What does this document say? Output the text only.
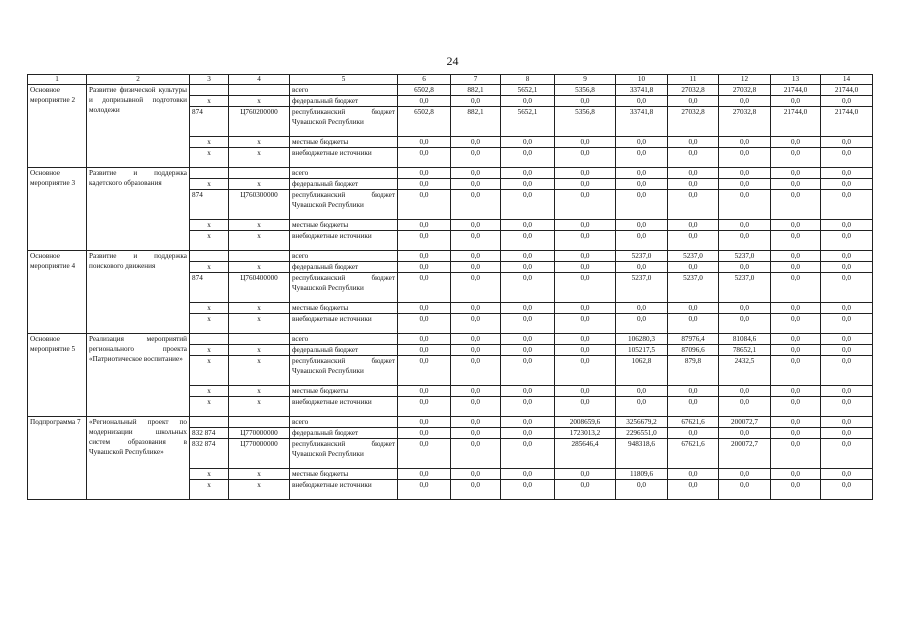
24
1	2	3	4	5	6	7	8	9	10	11	12	13	14
Основное мероприятие 2	Развитие физической культуры и допризывной подготовки молодежи			всего	6502,8	882,1	5652,1	5356,8	33741,8	27032,8	27032,8	21744,0	21744,0
		х	х	федеральный бюджет	0,0	0,0	0,0	0,0	0,0	0,0	0,0	0,0	0,0
		874	Ц760200000	республиканский бюджет Чувашской Республики	6502,8	882,1	5652,1	5356,8	33741,8	27032,8	27032,8	21744,0	21744,0
		х	х	местные бюджеты	0,0	0,0	0,0	0,0	0,0	0,0	0,0	0,0	0,0
		х	х	внебюджетные источники	0,0	0,0	0,0	0,0	0,0	0,0	0,0	0,0	0,0
Основное мероприятие 3	Развитие и поддержка кадетского образования			всего	0,0	0,0	0,0	0,0	0,0	0,0	0,0	0,0	0,0
		х	х	федеральный бюджет	0,0	0,0	0,0	0,0	0,0	0,0	0,0	0,0	0,0
		874	Ц760300000	республиканский бюджет Чувашской Республики	0,0	0,0	0,0	0,0	0,0	0,0	0,0	0,0	0,0
		х	х	местные бюджеты	0,0	0,0	0,0	0,0	0,0	0,0	0,0	0,0	0,0
		х	х	внебюджетные источники	0,0	0,0	0,0	0,0	0,0	0,0	0,0	0,0	0,0
Основное мероприятие 4	Развитие и поддержка поискового движения			всего	0,0	0,0	0,0	0,0	5237,0	5237,0	5237,0	0,0	0,0
		х	х	федеральный бюджет	0,0	0,0	0,0	0,0	0,0	0,0	0,0	0,0	0,0
		874	Ц760400000	республиканский бюджет Чувашской Республики	0,0	0,0	0,0	0,0	5237,0	5237,0	5237,0	0,0	0,0
		х	х	местные бюджеты	0,0	0,0	0,0	0,0	0,0	0,0	0,0	0,0	0,0
		х	х	внебюджетные источники	0,0	0,0	0,0	0,0	0,0	0,0	0,0	0,0	0,0
Основное мероприятие 5	Реализация мероприятий регионального проекта «Патриотическое воспитание»			всего	0,0	0,0	0,0	0,0	106280,3	87976,4	81084,6	0,0	0,0
		х	х	федеральный бюджет	0,0	0,0	0,0	0,0	105217,5	87096,6	78652,1	0,0	0,0
		х	х	республиканский бюджет Чувашской Республики	0,0	0,0	0,0	0,0	1062,8	879,8	2432,5	0,0	0,0
		х	х	местные бюджеты	0,0	0,0	0,0	0,0	0,0	0,0	0,0	0,0	0,0
		х	х	внебюджетные источники	0,0	0,0	0,0	0,0	0,0	0,0	0,0	0,0	0,0
Подпрограмма 7	«Региональный проект по модернизации школьных систем образования в Чувашской Республике»			всего	0,0	0,0	0,0	2008659,6	3256679,2	67621,6	200072,7	0,0	0,0
		832 874	Ц770000000	федеральный бюджет	0,0	0,0	0,0	1723013,2	2296551,0	0,0	0,0	0,0	0,0
		832 874	Ц770000000	республиканский бюджет Чувашской Республики	0,0	0,0	0,0	285646,4	948318,6	67621,6	200072,7	0,0	0,0
		х	х	местные бюджеты	0,0	0,0	0,0	0,0	11809,6	0,0	0,0	0,0	0,0
		х	х	внебюджетные источники	0,0	0,0	0,0	0,0	0,0	0,0	0,0	0,0	0,0
